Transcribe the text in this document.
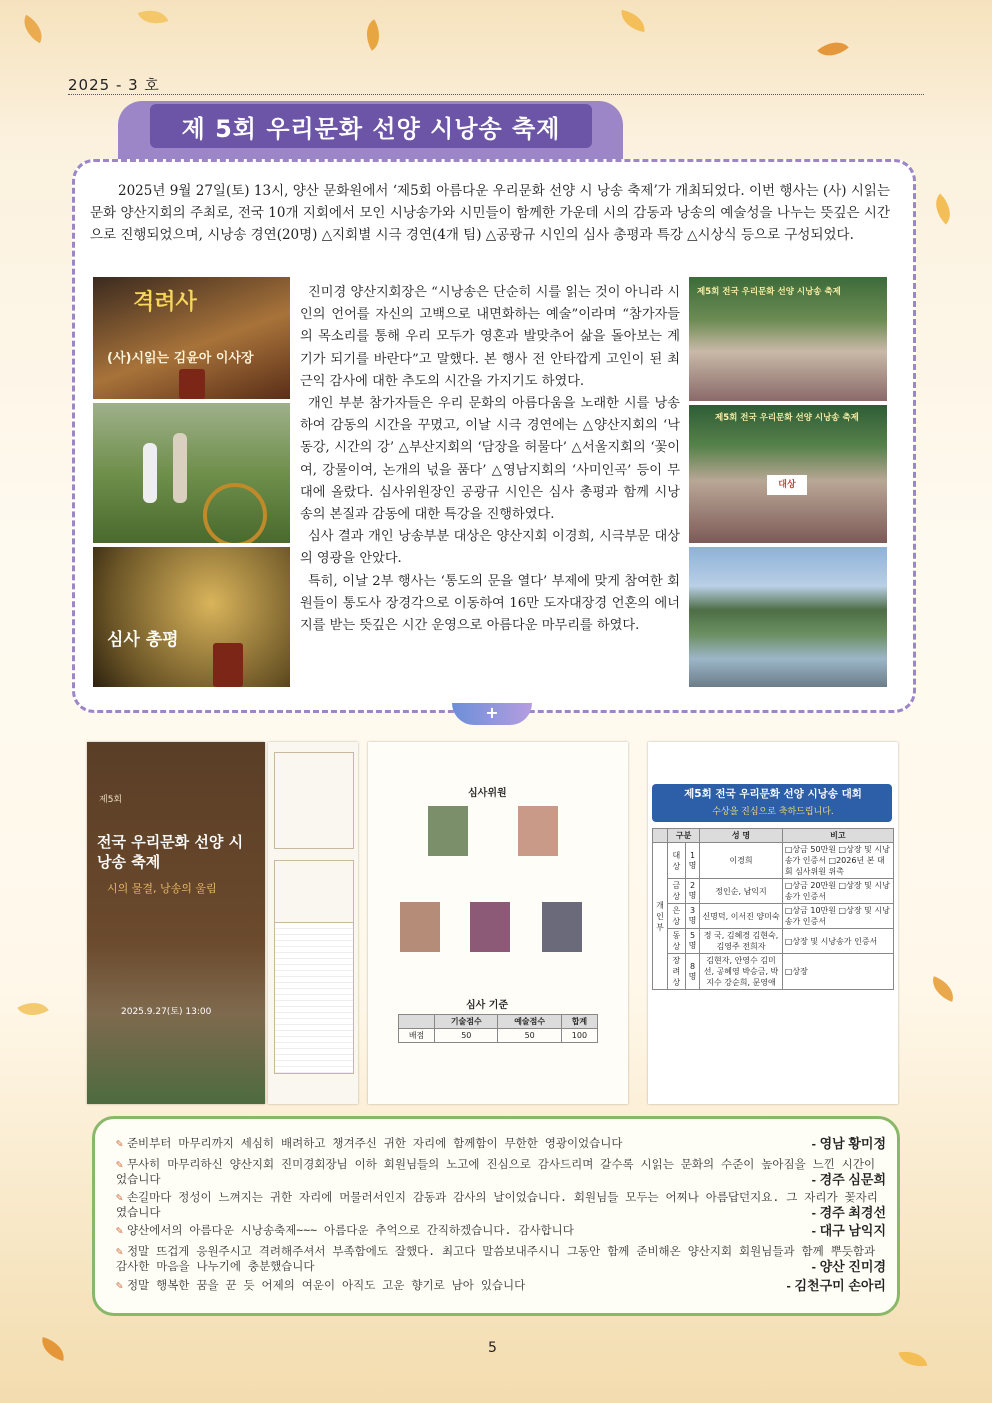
2025 - 3 호
제 5회 우리문화 선양 시낭송 축제
2025년 9월 27일(토) 13시, 양산 문화원에서 ‘제5회 아름다운 우리문화 선양 시 낭송 축제’가 개최되었다. 이번 행사는 (사) 시읽는 문화 양산지회의 주최로, 전국 10개 지회에서 모인 시낭송가와 시민들이 함께한 가운데 시의 감동과 낭송의 예술성을 나누는 뜻깊은 시간으로 진행되었으며, 시낭송 경연(20명) △지회별 시극 경연(4개 팀) △공광규 시인의 심사 총평과 특강 △시상식 등으로 구성되었다.
격려사
(사)시읽는 김윤아 이사장
심사 총평

진미경 양산지회장은 “시낭송은 단순히 시를 읽는 것이 아니라 시인의 언어를 자신의 고백으로 내면화하는 예술”이라며 “참가자들의 목소리를 통해 우리 모두가 영혼과 발맞추어 삶을 돌아보는 계기가 되기를 바란다”고 말했다. 본 행사 전 안타깝게 고인이 된 최근익 감사에 대한 추도의 시간을 가지기도 하였다.

개인 부분 참가자들은 우리 문화의 아름다움을 노래한 시를 낭송하여 감동의 시간을 꾸몄고, 이날 시극 경연에는 △양산지회의 ‘낙동강, 시간의 강’ △부산지회의 ‘담장을 허물다’ △서울지회의 ‘꽃이여, 강물이여, 논개의 넋을 품다’ △영남지회의 ‘사미인곡’ 등이 무대에 올랐다. 심사위원장인 공광규 시인은 심사 총평과 함께 시낭송의 본질과 감동에 대한 특강을 진행하였다.

심사 결과 개인 낭송부분 대상은 양산지회 이경희, 시극부문 대상의 영광을 안았다.

특히, 이날 2부 행사는 ‘통도의 문을 열다’ 부제에 맞게 참여한 회원들이 통도사 장경각으로 이동하여 16만 도자대장경 언혼의 에너지를 받는 뜻깊은 시간 운영으로 아름다운 마무리를 하였다.

제5회 전국 우리문화 선양 시낭송 축제
제5회 전국 우리문화 선양 시낭송 축제
대상
+
제5회
전국 우리문화 선양 시낭송 축제
시의 물결, 낭송의 울림
2025.9.27(토) 13:00
심사위원
심사 기준
	기술점수	예술점수	합계
배점	50	50	100
제5회 전국 우리문화 선양 시낭송 대회
수상을 진심으로 축하드립니다.
	구분		성 명	비고
개인부	대상	1명	이경희	□상금 50만원 □상장 및 시낭송가 인증서 □2026년 본 대회 심사위원 위촉
	금상	2명	정인순, 남익지	□상금 20만원 □상장 및 시낭송가 인증서
	은상	3명	신명덕, 이서진 양미숙	□상금 10만원 □상장 및 시낭송가 인증서
	동상	5명	정 국, 김혜경 김현숙, 김영주 전희자	□상장 및 시낭송가 인증서
	장려상	8명	김현자, 안영수 김미선, 공혜영 박승금, 박지수 강순희, 문영애	□상장
✎ 준비부터 마무리까지 세심히 배려하고 챙겨주신 귀한 자리에 함께함이 무한한 영광이었습니다	- 영남 황미정
✎ 무사히 마무리하신 양산지회 진미경회장님 이하 회원님들의 노고에 진심으로 감사드리며 갈수록 시읽는 문화의 수준이 높아짐을 느낀 시간이었습니다	- 경주 심문희
✎ 손길마다 정성이 느껴지는 귀한 자리에 머물러서인지 감동과 감사의 날이었습니다. 회원님들 모두는 어찌나 아름답던지요. 그 자리가 꽃자리였습니다	- 경주 최경선
✎ 양산에서의 아름다운 시낭송축제~~~ 아름다운 추억으로 간직하겠습니다. 감사합니다	- 대구 남익지
✎ 정말 뜨겁게 응원주시고 격려해주셔서 부족함에도 잘했다. 최고다 말씀보내주시니 그동안 함께 준비해온 양산지회 회원님들과 함께 뿌듯함과 감사한 마음을 나누기에 충분했습니다	- 양산 진미경
✎ 정말 행복한 꿈을 꾼 듯 어제의 여운이 아직도 고운 향기로 남아 있습니다	- 김천구미 손아리
5
